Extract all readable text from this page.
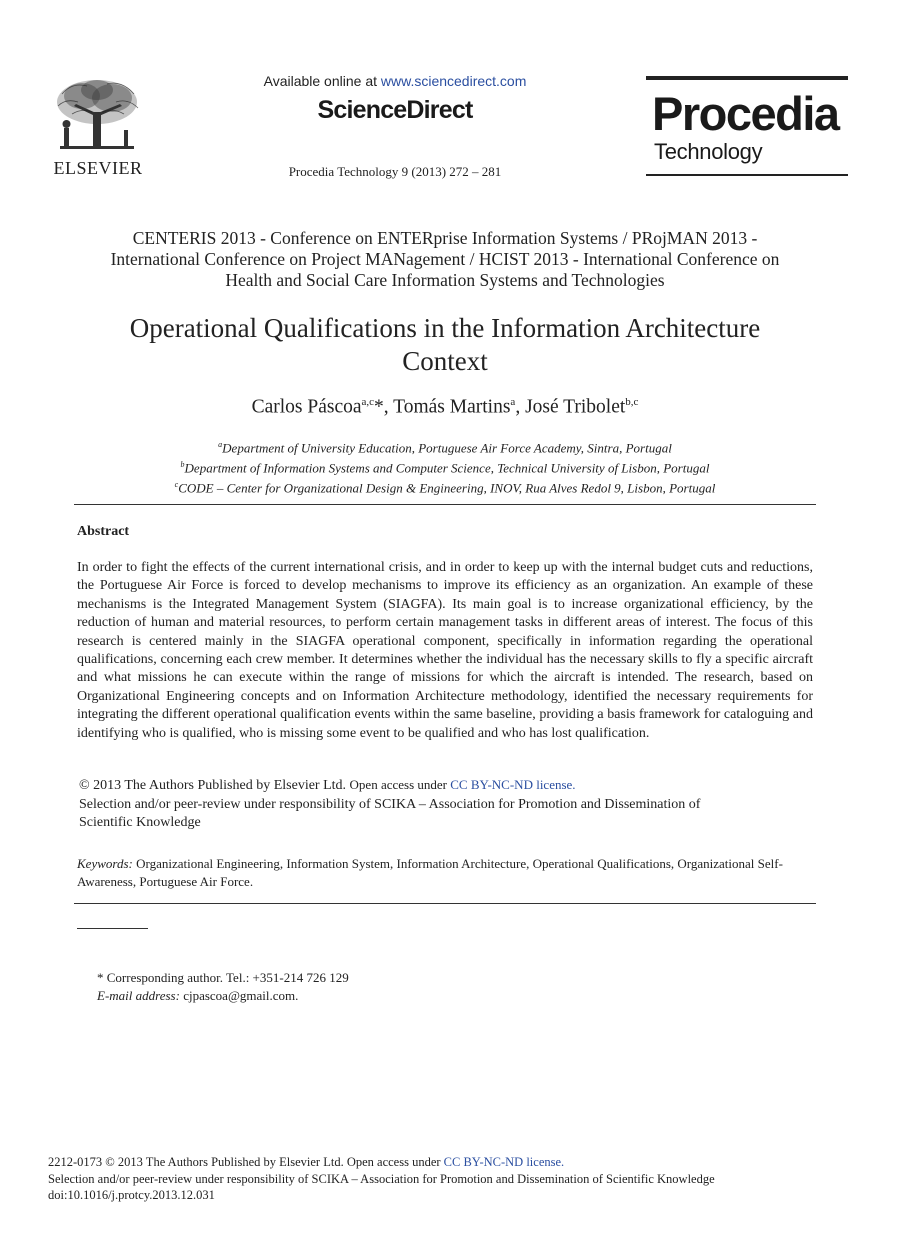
ELSEVIER
Available online at www.sciencedirect.com
ScienceDirect
Procedia Technology 9 (2013) 272 – 281
Procedia
Technology
CENTERIS 2013 - Conference on ENTERprise Information Systems / PRojMAN 2013 -
International Conference on Project MANagement / HCIST 2013 - International Conference on
Health and Social Care Information Systems and Technologies
Operational Qualifications in the Information Architecture
Context
Carlos Páscoa$^{a,c}$*, Tomás Martins$^a$, José Tribolet$^{b,c}$
$^a$Department of University Education, Portuguese Air Force Academy, Sintra, Portugal
$^b$Department of Information Systems and Computer Science, Technical University of Lisbon, Portugal
$^c$CODE – Center for Organizational Design & Engineering, INOV, Rua Alves Redol 9, Lisbon, Portugal
Abstract
In order to fight the effects of the current international crisis, and in order to keep up with the internal budget cuts and reductions, the Portuguese Air Force is forced to develop mechanisms to improve its efficiency as an organization. An example of these mechanisms is the Integrated Management System (SIAGFA). Its main goal is to increase organizational efficiency, by the reduction of human and material resources, to perform certain management tasks in different areas of interest. The focus of this research is centered mainly in the SIAGFA operational component, specifically in information regarding the operational qualifications, concerning each crew member. It determines whether the individual has the necessary skills to fly a specific aircraft and what missions he can execute within the range of missions for which the aircraft is intended. The research, based on Organizational Engineering concepts and on Information Architecture methodology, identified the necessary requirements for integrating the different operational qualification events within the same baseline, providing a basis framework for cataloguing and identifying who is qualified, who is missing some event to be qualified and who has lost qualification.
© 2013 The Authors Published by Elsevier Ltd. Open access under CC BY-NC-ND license.
Selection and/or peer-review under responsibility of SCIKA – Association for Promotion and Dissemination of
Scientific Knowledge
Keywords: Organizational Engineering, Information System, Information Architecture, Operational Qualifications, Organizational Self-Awareness, Portuguese Air Force.
* Corresponding author. Tel.: +351-214 726 129
E-mail address: cjpascoa@gmail.com.
2212-0173 © 2013 The Authors Published by Elsevier Ltd. Open access under CC BY-NC-ND license.
Selection and/or peer-review under responsibility of SCIKA – Association for Promotion and Dissemination of Scientific Knowledge
doi:10.1016/j.protcy.2013.12.031
